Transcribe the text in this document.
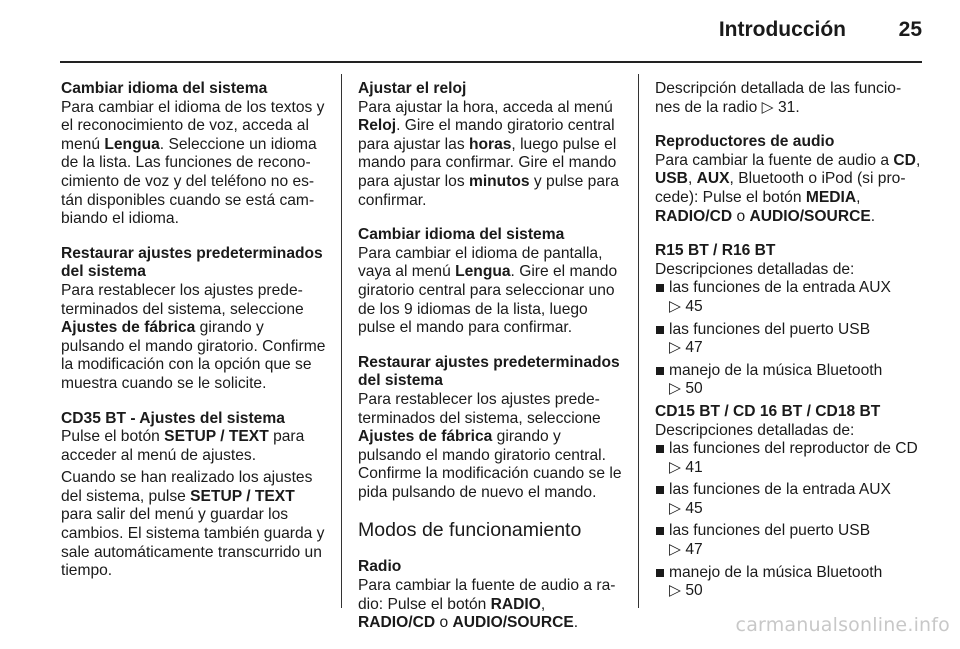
Introducción	25
Cambiar idioma del sistema
Para cambiar el idioma de los textos y el reconocimiento de voz, acceda al menú Lengua. Seleccione un idioma de la lista. Las funciones de reconocimiento de voz y del teléfono no están disponibles cuando se está cambiando el idioma.
Restaurar ajustes predeterminados del sistema
Para restablecer los ajustes predeterminados del sistema, seleccione Ajustes de fábrica girando y pulsando el mando giratorio. Confirme la modificación con la opción que se muestra cuando se le solicite.
CD35 BT - Ajustes del sistema
Pulse el botón SETUP / TEXT para acceder al menú de ajustes.
Cuando se han realizado los ajustes del sistema, pulse SETUP / TEXT para salir del menú y guardar los cambios. El sistema también guarda y sale automáticamente transcurrido un tiempo.
Ajustar el reloj
Para ajustar la hora, acceda al menú Reloj. Gire el mando giratorio central para ajustar las horas, luego pulse el mando para confirmar. Gire el mando para ajustar los minutos y pulse para confirmar.
Cambiar idioma del sistema
Para cambiar el idioma de pantalla, vaya al menú Lengua. Gire el mando giratorio central para seleccionar uno de los 9 idiomas de la lista, luego pulse el mando para confirmar.
Restaurar ajustes predeterminados del sistema
Para restablecer los ajustes predeterminados del sistema, seleccione Ajustes de fábrica girando y pulsando el mando giratorio central. Confirme la modificación cuando se le pida pulsando de nuevo el mando.
Modos de funcionamiento
Radio
Para cambiar la fuente de audio a radio: Pulse el botón RADIO, RADIO/CD o AUDIO/SOURCE.
Descripción detallada de las funciones de la radio ▷ 31.
Reproductores de audio
Para cambiar la fuente de audio a CD, USB, AUX, Bluetooth o iPod (si procede): Pulse el botón MEDIA, RADIO/CD o AUDIO/SOURCE.
R15 BT / R16 BT
Descripciones detalladas de:
las funciones de la entrada AUX
▷ 45
las funciones del puerto USB
▷ 47
manejo de la música Bluetooth
▷ 50
CD15 BT / CD 16 BT / CD18 BT
Descripciones detalladas de:
las funciones del reproductor de CD ▷ 41
las funciones de la entrada AUX
▷ 45
las funciones del puerto USB
▷ 47
manejo de la música Bluetooth
▷ 50
carmanualsonline.info
